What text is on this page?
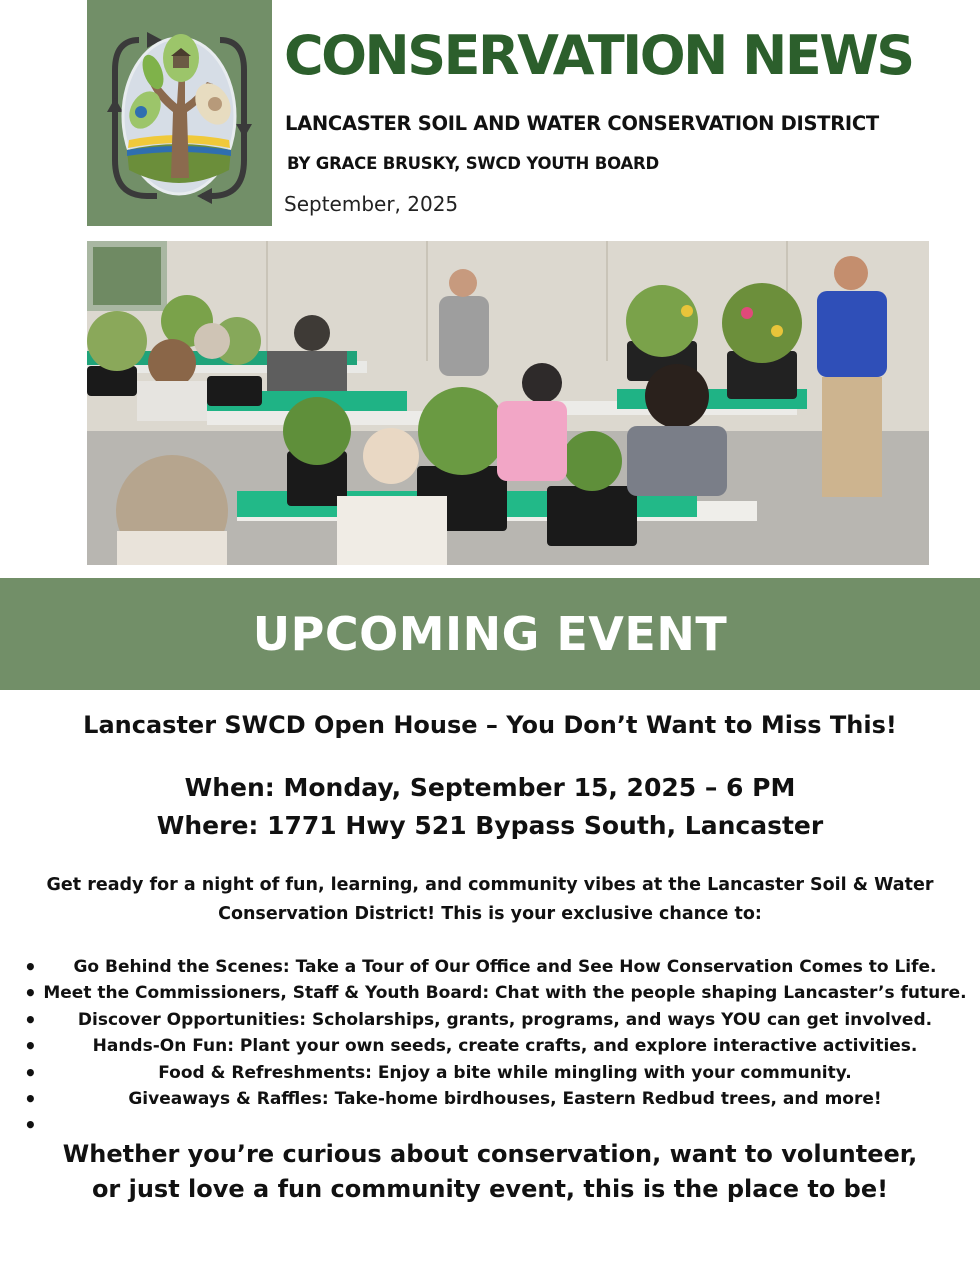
CONSERVATION NEWS
LANCASTER SOIL AND WATER CONSERVATION DISTRICT
BY GRACE BRUSKY, SWCD YOUTH BOARD
September, 2025
UPCOMING EVENT
Lancaster SWCD Open House – You Don’t Want to Miss This!
When: Monday, September 15, 2025 – 6 PM
Where: 1771 Hwy 521 Bypass South, Lancaster
Get ready for a night of fun, learning, and community vibes at the Lancaster Soil & Water Conservation District! This is your exclusive chance to:
• Go Behind the Scenes: Take a Tour of Our Office and See How Conservation Comes to Life.
• Meet the Commissioners, Staff & Youth Board: Chat with the people shaping Lancaster’s future.
• Discover Opportunities: Scholarships, grants, programs, and ways YOU can get involved.
• Hands-On Fun: Plant your own seeds, create crafts, and explore interactive activities.
• Food & Refreshments: Enjoy a bite while mingling with your community.
• Giveaways & Raffles: Take-home birdhouses, Eastern Redbud trees, and more!
•
Whether you’re curious about conservation, want to volunteer,
or just love a fun community event, this is the place to be!
